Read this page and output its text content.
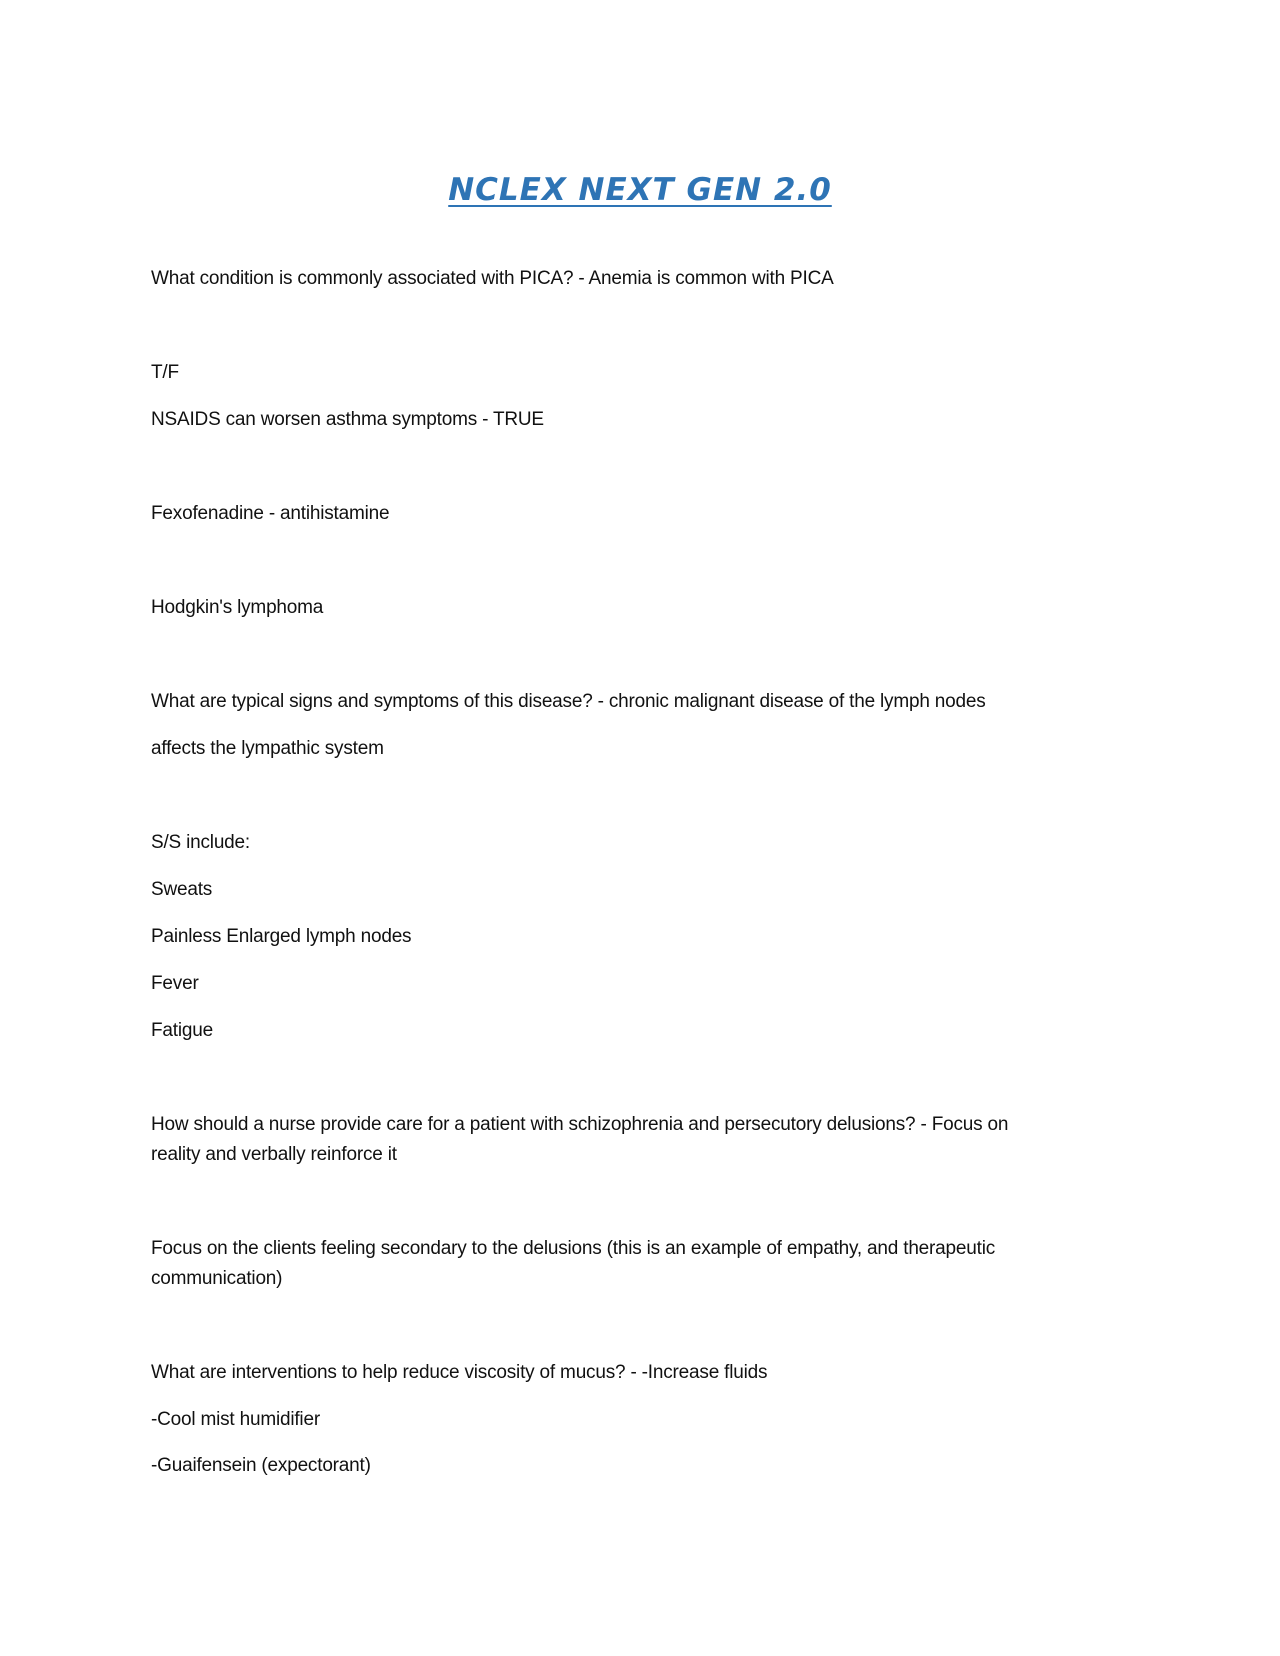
NCLEX NEXT GEN 2.0
What condition is commonly associated with PICA? - Anemia is common with PICA
T/F
NSAIDS can worsen asthma symptoms - TRUE
Fexofenadine - antihistamine
Hodgkin's lymphoma
What are typical signs and symptoms of this disease? - chronic malignant disease of the lymph nodes
affects the lympathic system
S/S include:
Sweats
Painless Enlarged lymph nodes
Fever
Fatigue
How should a nurse provide care for a patient with schizophrenia and persecutory delusions? - Focus on
reality and verbally reinforce it
Focus on the clients feeling secondary to the delusions (this is an example of empathy, and therapeutic
communication)
What are interventions to help reduce viscosity of mucus? - -Increase fluids
-Cool mist humidifier
-Guaifensein (expectorant)
